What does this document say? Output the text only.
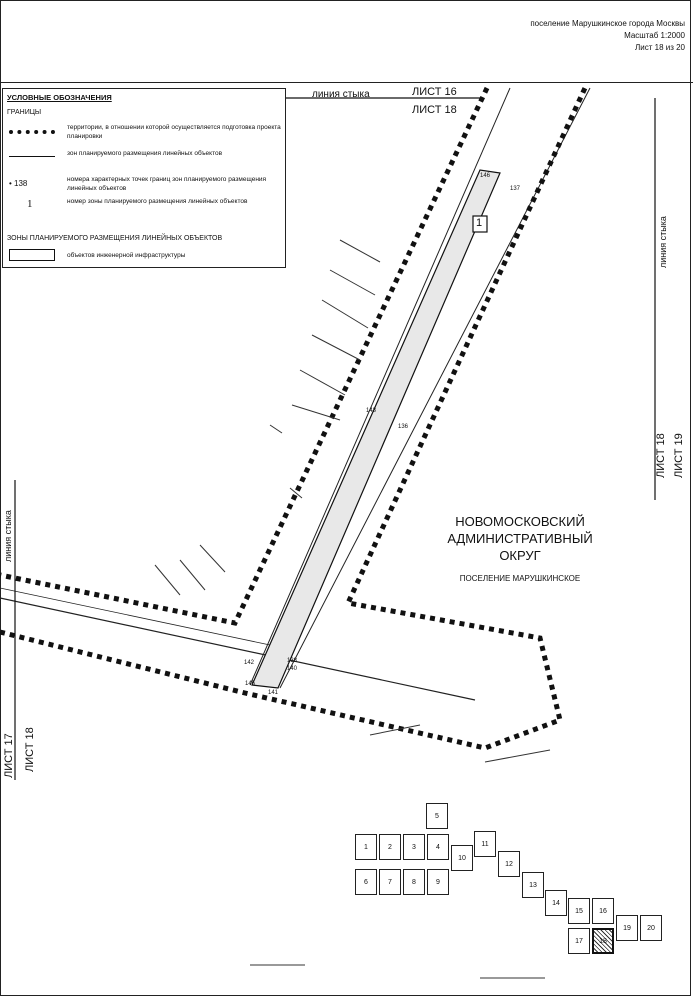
поселение Марушкинское города Москвы
Масштаб 1:2000
Лист 18 из 20
1
146
137
143
136
142	138
140
141
145
линия стыка	ЛИСТ 16
ЛИСТ 18
линия стыка
ЛИСТ 18 ЛИСТ 19
линия стыка
ЛИСТ 17 ЛИСТ 18
НОВОМОСКОВСКИЙ
АДМИНИСТРАТИВНЫЙ
ОКРУГ
ПОСЕЛЕНИЕ МАРУШКИНСКОЕ
УСЛОВНЫЕ ОБОЗНАЧЕНИЯ
ГРАНИЦЫ
территории, в отношении которой осуществляется подготовка проекта планировки
зон планируемого размещения линейных объектов
• 138	номера характерных точек границ зон планируемого размещения линейных объектов
1	номер зоны планируемого размещения линейных объектов
ЗОНЫ ПЛАНИРУЕМОГО РАЗМЕЩЕНИЯ ЛИНЕЙНЫХ ОБЪЕКТОВ
объектов инженерной инфраструктуры
5
1	2	3	4
6	7	8	9
10
11
12
13
14
15	16
17	18
19	20
